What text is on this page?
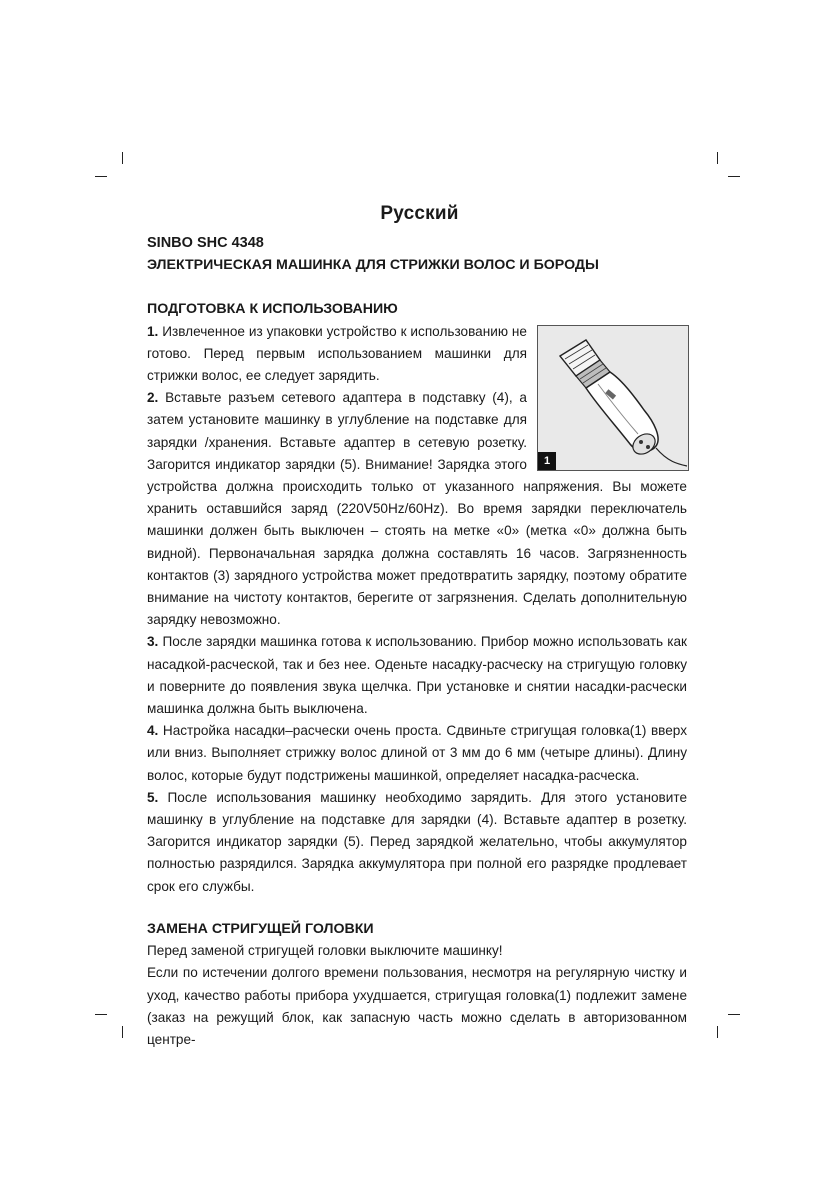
Русский

SINBO SHC 4348

ЭЛЕКТРИЧЕСКАЯ МАШИНКА ДЛЯ СТРИЖКИ ВОЛОС И БОРОДЫ

ПОДГОТОВКА К ИСПОЛЬЗОВАНИЮ

1

1. Извлеченное из упаковки устройство к использованию не готово. Перед первым использованием машинки для стрижки волос, ее следует зарядить.

2. Вставьте разъем сетевого адаптера в подставку (4), а затем установите машинку в углубление на подставке для зарядки /хранения. Вставьте адаптер в сетевую розетку. Загорится индикатор зарядки (5). Внимание! Зарядка этого устройства должна происходить только от указанного напряжения. Вы можете хранить оставшийся заряд (220V50Hz/60Hz). Во время зарядки переключатель машинки должен быть выключен – стоять на метке «0» (метка «0» должна быть видной). Первоначальная зарядка должна составлять 16 часов. Загрязненность контактов (3) зарядного устройства может предотвратить зарядку, поэтому обратите внимание на чистоту контактов, берегите от загрязнения. Сделать дополнительную зарядку невозможно.

3. После зарядки машинка готова к использованию. Прибор можно использовать как насадкой-расческой, так и без нее. Оденьте насадку-расческу на стригущую головку и поверните до появления звука щелчка. При установке и снятии насадки-расчески машинка должна быть выключена.

4. Настройка насадки–расчески очень проста. Сдвиньте стригущая головка(1) вверх или вниз. Выполняет стрижку волос длиной от 3 мм до 6 мм (четыре длины). Длину волос, которые будут подстрижены машинкой, определяет насадка-расческа.

5. После использования машинку необходимо зарядить. Для этого установите машинку в углубление на подставке для зарядки (4). Вставьте адаптер в розетку. Загорится индикатор зарядки (5). Перед зарядкой желательно, чтобы аккумулятор полностью разрядился. Зарядка аккумулятора при полной его разрядке продлевает срок его службы.

ЗАМЕНА СТРИГУЩЕЙ ГОЛОВКИ

Перед заменой стригущей головки выключите машинку!

Если по истечении долгого времени пользования, несмотря на регулярную чистку и уход, качество работы прибора ухудшается, стригущая головка(1) подлежит замене (заказ на режущий блок, как запасную часть можно сделать в авторизованном центре-
